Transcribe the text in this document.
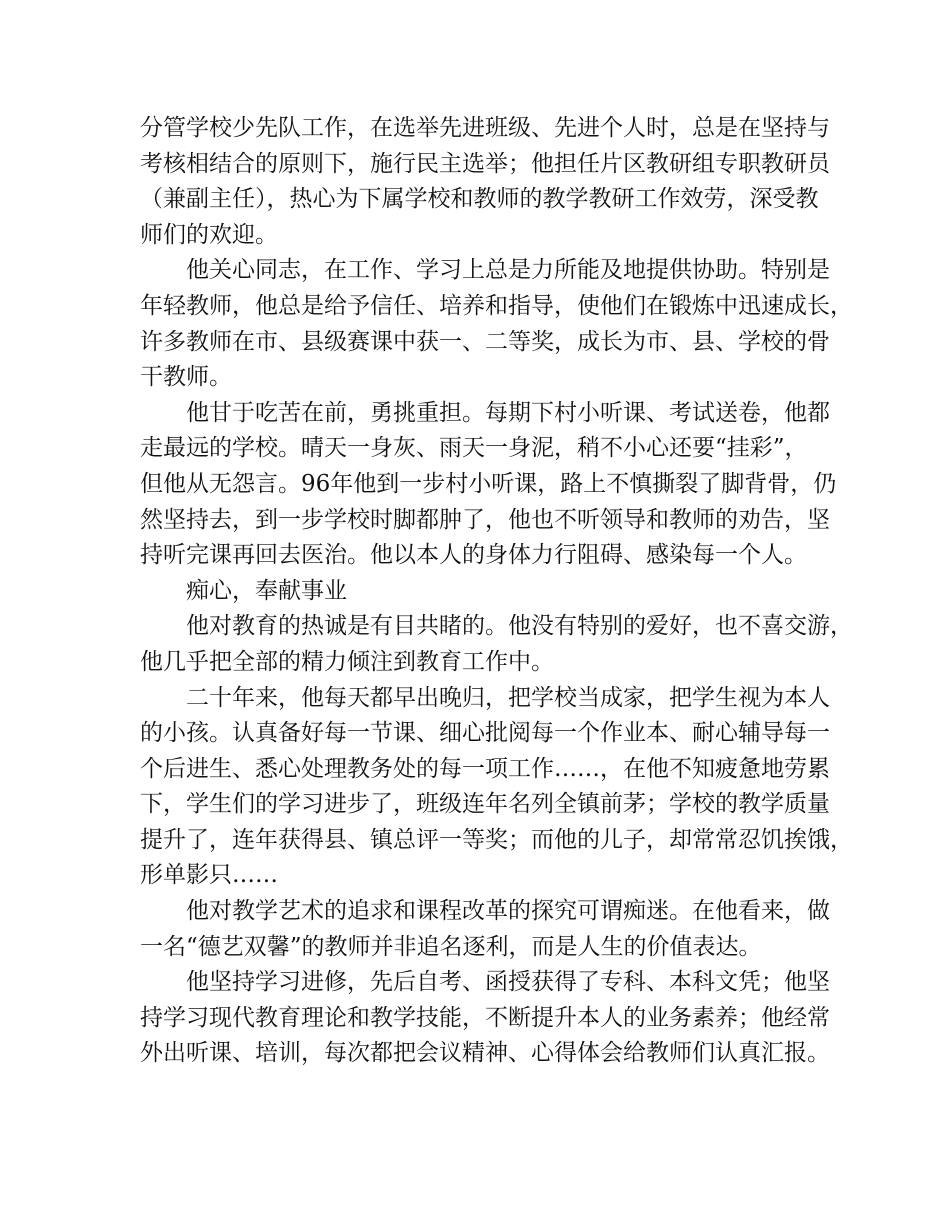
分管学校少先队工作，在选举先进班级、先进个人时，总是在坚持与
考核相结合的原则下，施行民主选举；他担任片区教研组专职教研员
（兼副主任），热心为下属学校和教师的教学教研工作效劳，深受教
师们的欢迎。
他关心同志，在工作、学习上总是力所能及地提供协助。特别是
年轻教师，他总是给予信任、培养和指导，使他们在锻炼中迅速成长，
许多教师在市、县级赛课中获一、二等奖，成长为市、县、学校的骨
干教师。
他甘于吃苦在前，勇挑重担。每期下村小听课、考试送卷，他都
走最远的学校。晴天一身灰、雨天一身泥，稍不小心还要“挂彩”，
但他从无怨言。96年他到一步村小听课，路上不慎撕裂了脚背骨，仍
然坚持去，到一步学校时脚都肿了，他也不听领导和教师的劝告，坚
持听完课再回去医治。他以本人的身体力行阻碍、感染每一个人。
痴心，奉献事业
他对教育的热诚是有目共睹的。他没有特别的爱好，也不喜交游，
他几乎把全部的精力倾注到教育工作中。
二十年来，他每天都早出晚归，把学校当成家，把学生视为本人
的小孩。认真备好每一节课、细心批阅每一个作业本、耐心辅导每一
个后进生、悉心处理教务处的每一项工作……，在他不知疲惫地劳累
下，学生们的学习进步了，班级连年名列全镇前茅；学校的教学质量
提升了，连年获得县、镇总评一等奖；而他的儿子，却常常忍饥挨饿，
形单影只……
他对教学艺术的追求和课程改革的探究可谓痴迷。在他看来，做
一名“德艺双馨”的教师并非追名逐利，而是人生的价值表达。
他坚持学习进修，先后自考、函授获得了专科、本科文凭；他坚
持学习现代教育理论和教学技能，不断提升本人的业务素养；他经常
外出听课、培训，每次都把会议精神、心得体会给教师们认真汇报。
